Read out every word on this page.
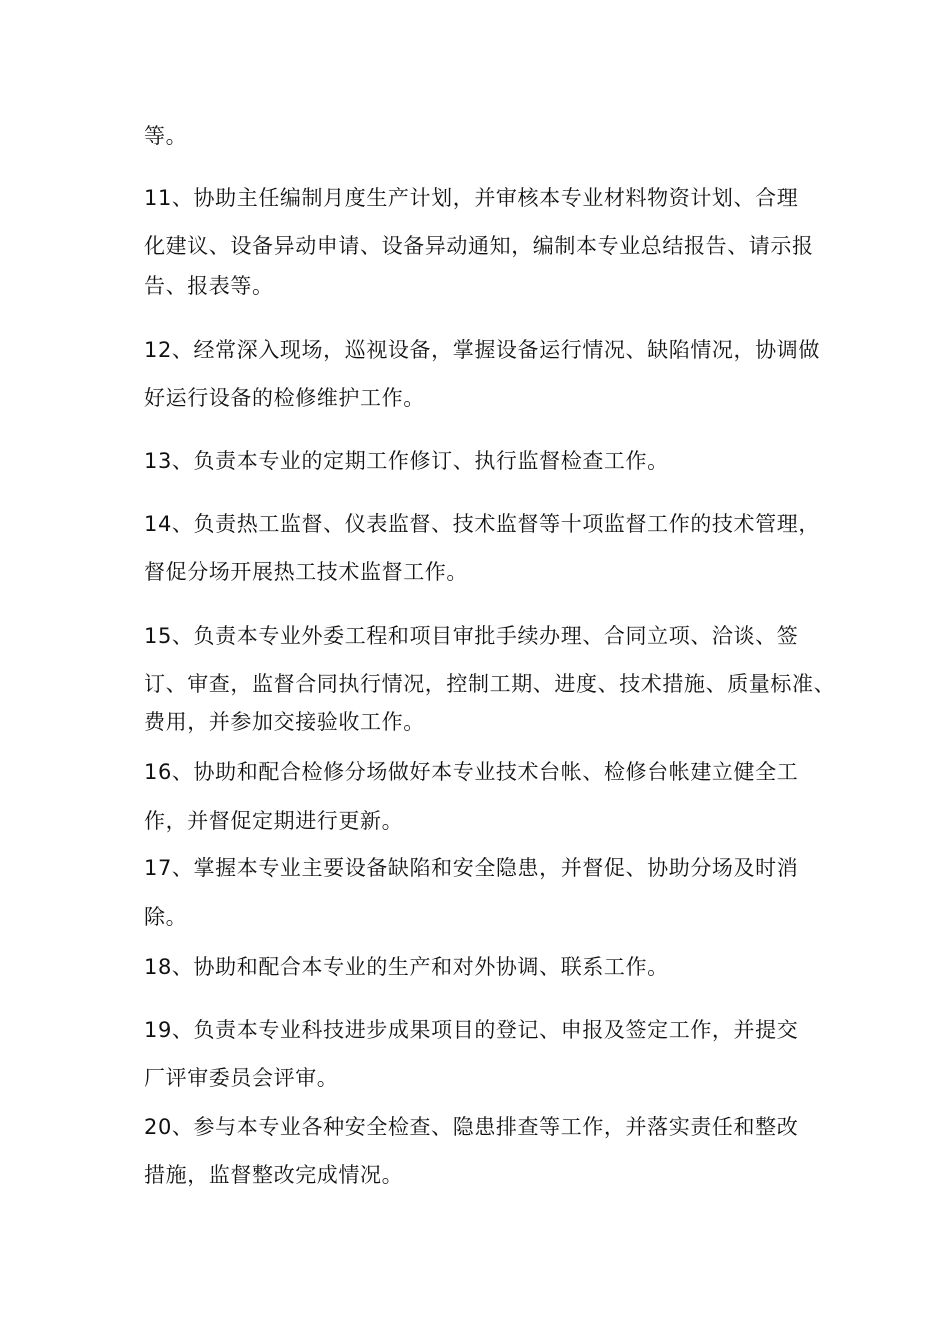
等。
11、协助主任编制月度生产计划，并审核本专业材料物资计划、合理
化建议、设备异动申请、设备异动通知，编制本专业总结报告、请示报
告、报表等。
12、经常深入现场，巡视设备，掌握设备运行情况、缺陷情况，协调做
好运行设备的检修维护工作。
13、负责本专业的定期工作修订、执行监督检查工作。
14、负责热工监督、仪表监督、技术监督等十项监督工作的技术管理，
督促分场开展热工技术监督工作。
15、负责本专业外委工程和项目审批手续办理、合同立项、洽谈、签
订、审查，监督合同执行情况，控制工期、进度、技术措施、质量标准、
费用，并参加交接验收工作。
16、协助和配合检修分场做好本专业技术台帐、检修台帐建立健全工
作，并督促定期进行更新。
17、掌握本专业主要设备缺陷和安全隐患，并督促、协助分场及时消
除。
18、协助和配合本专业的生产和对外协调、联系工作。
19、负责本专业科技进步成果项目的登记、申报及签定工作，并提交
厂评审委员会评审。
20、参与本专业各种安全检查、隐患排查等工作，并落实责任和整改
措施，监督整改完成情况。
